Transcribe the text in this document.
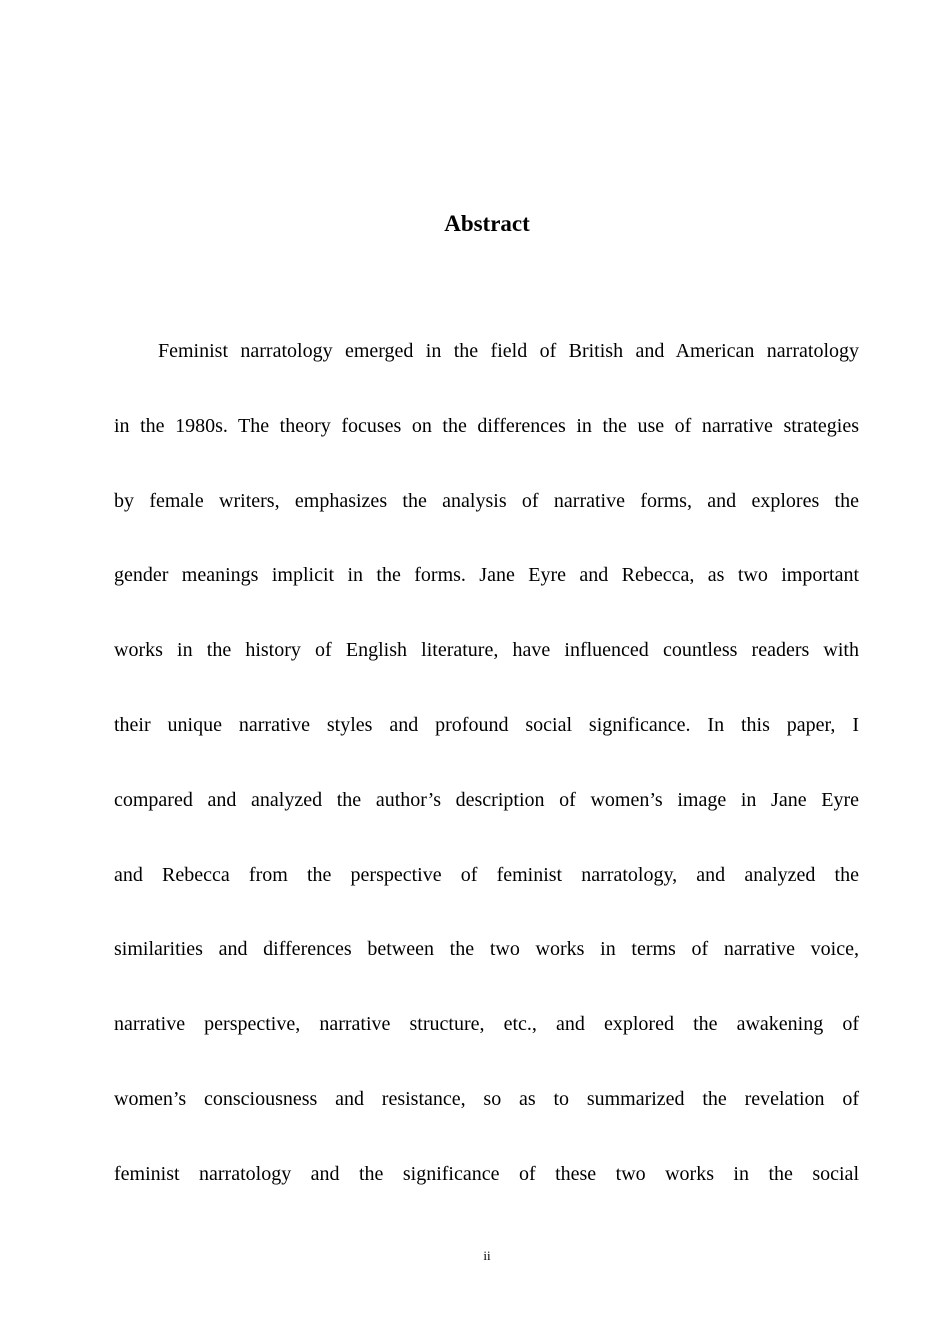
Abstract
Feminist narratology emerged in the field of British and American narratology
in the 1980s. The theory focuses on the differences in the use of narrative strategies
by female writers, emphasizes the analysis of narrative forms, and explores the
gender meanings implicit in the forms. Jane Eyre and Rebecca, as two important
works in the history of English literature, have influenced countless readers with
their unique narrative styles and profound social significance. In this paper, I
compared and analyzed the author’s description of women’s image in Jane Eyre
and Rebecca from the perspective of feminist narratology, and analyzed the
similarities and differences between the two works in terms of narrative voice,
narrative perspective, narrative structure, etc., and explored the awakening of
women’s consciousness and resistance, so as to summarized the revelation of
feminist narratology and the significance of these two works in the social
ii
